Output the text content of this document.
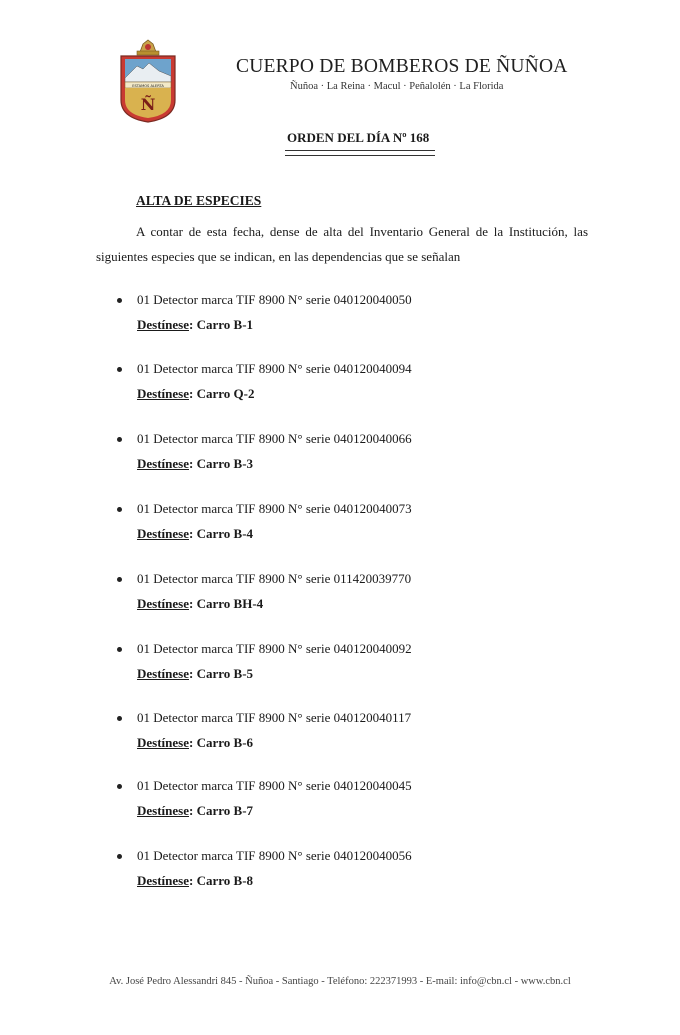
ESTAMOS ALERTA
Ñ
CUERPO DE BOMBEROS DE ÑUÑOA
Ñuñoa · La Reina · Macul · Peñalolén · La Florida
ORDEN DEL DÍA Nº 168
ALTA DE ESPECIES
A contar de esta fecha, dense de alta del Inventario General de la Institución, las siguientes especies que se indican, en las dependencias que se señalan
01 Detector marca TIF 8900 N° serie 040120040050
Destínese: Carro B-1
01 Detector marca TIF 8900 N° serie 040120040094
Destínese: Carro Q-2
01 Detector marca TIF 8900 N° serie 040120040066
Destínese: Carro B-3
01 Detector marca TIF 8900 N° serie 040120040073
Destínese: Carro B-4
01 Detector marca TIF 8900 N° serie 011420039770
Destínese: Carro BH-4
01 Detector marca TIF 8900 N° serie 040120040092
Destínese: Carro B-5
01 Detector marca TIF 8900 N° serie 040120040117
Destínese: Carro B-6
01 Detector marca TIF 8900 N° serie 040120040045
Destínese: Carro B-7
01 Detector marca TIF 8900 N° serie 040120040056
Destínese: Carro B-8
Av. José Pedro Alessandri 845 - Ñuñoa - Santiago - Teléfono: 222371993 - E-mail: info@cbn.cl - www.cbn.cl
